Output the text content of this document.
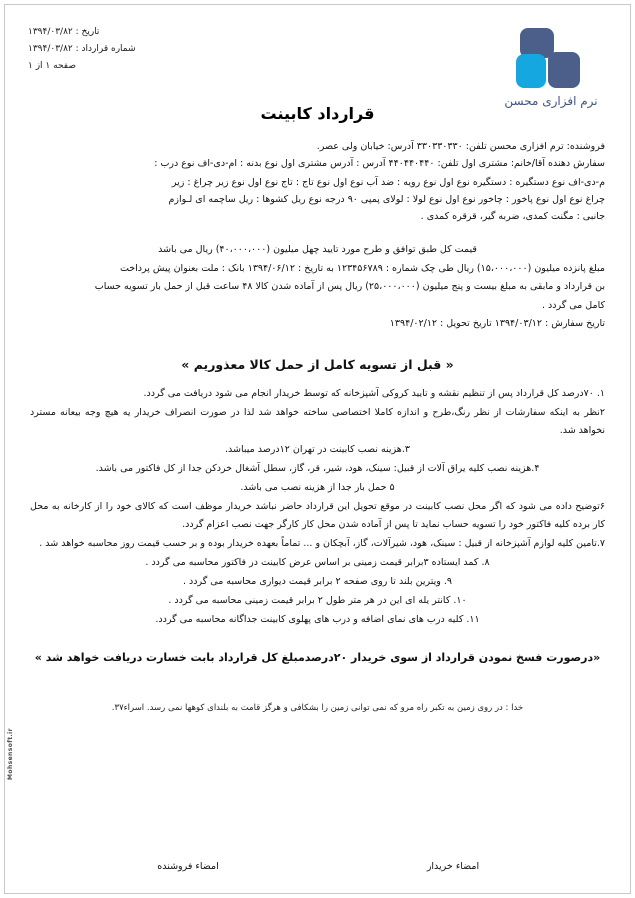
نرم افزاری محسن
تاریخ : ۱۳۹۴/۰۳/۸۲
شماره قرارداد : ۱۳۹۴/۰۳/۸۲
صفحه ۱ از ۱
قرارداد کابینت

فروشنده: ترم افزاری محسن تلفن: ۳۳۰۳۳۰۳۳۰ آدرس: خیابان ولی عصر.

سفارش دهنده آقا/خانم: مشتری اول تلفن: ۴۴۰۴۴۰۴۴۰ آدرس : آدرس مشتری اول نوع بدنه : ام-دی-اف نوع درب :

م-دی-اف نوع دستگیره : دستگیره نوع اول نوع رویه : ضد آب نوع اول نوع تاج : تاج نوع اول نوع زیر چراغ : زیر
چراغ نوع اول نوع پاخور : چاخور نوع اول نوع لولا : لولای پمپی ۹۰ درجه نوع ریل کشوها : ریل ساچمه ای لـوازم
جانبی : مگنت کمدی، ضربه گیر، قرقره کمدی .

قیمت کل طبق توافق و طرح مورد تایید چهل میلیون (۴۰،۰۰۰،۰۰۰) ریال می باشد

مبلغ پانزده میلیون (۱۵،۰۰۰،۰۰۰) ریال طی چک شماره : ۱۲۳۴۵۶۷۸۹ به تاریخ : ۱۳۹۴/۰۶/۱۲ بانک : ملت بعنوان پیش پرداخت

بن قرارداد و مابقی به مبلغ بیست و پنج میلیون (۲۵،۰۰۰،۰۰۰) ریال پس از آماده شدن کالا ۴۸ ساعت قبل از حمل بار تسویه حساب

کامل می گردد .

تاریخ سفارش : ۱۳۹۴/۰۳/۱۲ تاریخ تحویل : ۱۳۹۴/۰۲/۱۲

« قبل از تسویه کامل از حمل کالا معذوریم »
۱. ۷۰درصد کل قرارداد پس از تنظیم نقشه و تایید کروکی آشپزخانه که توسط خریدار انجام می شود دریافت می گردد.
۲نظر به اینکه سفارشات از نظر رنگ،طرح و اندازه کاملا اختصاصی ساخته خواهد شد لذا در صورت انصراف خریدار یه هیچ وجه بیعانه مسترد نخواهد شد.
۳.هزینه نصب کابینت در تهران ۱۲درصد میباشد.
۴.هزینه نصب کلیه یراق آلات از قبیل: سینک، هود، شیر، قر، گاز، سطل آشغال خردکن جدا از کل فاکتور می باشد.
۵ حمل بار جدا از هزینه نصب می باشد.
۶توضیح داده می شود که اگر محل نصب کابینت در موقع تحویل این قرارداد حاضر نباشد خریدار موظف است که کالای خود را از کارخانه به محل کار برده کلیه فاکتور خود را تسویه حساب نماید تا پس از آماده شدن محل کار کارگر جهت نصب اعزام گردد.
۷.تامین کلیه لوازم آشپزخانه از قبیل : سینک، هود، شیرآلات، گاز، آبچکان و ... تماماً بعهده خریدار بوده و بر حسب قیمت روز محاسبه خواهد شد .
۸. کمد ایستاده ۳برابر قیمت زمینی بر اساس عرض کابینت در فاکتور محاسبه می گردد .
۹. ویترین بلند تا روی صفحه ۲ برابر قیمت دیواری محاسبه می گردد .
۱۰. کانتر یله ای این در هر متر طول ۲ برابر قیمت زمینی محاسبه می گردد .
۱۱. کلیه درب های نمای اضافه و درب های پهلوی کابینت جداگانه محاسبه می گردد.
«درصورت فسخ نمودن قرارداد از سوی خریدار ۲۰درصدمبلغ کل قرارداد بابت خسارت دریافت خواهد شد »
خدا : در روی زمین به تکبر راه مرو که نمی توانی زمین را بشکافی و هرگز قامت به بلندای کوهها نمی رسد. اسراء۳۷.
امضاء خریدار
امضاء فروشنده
Mohsensoft.ir
